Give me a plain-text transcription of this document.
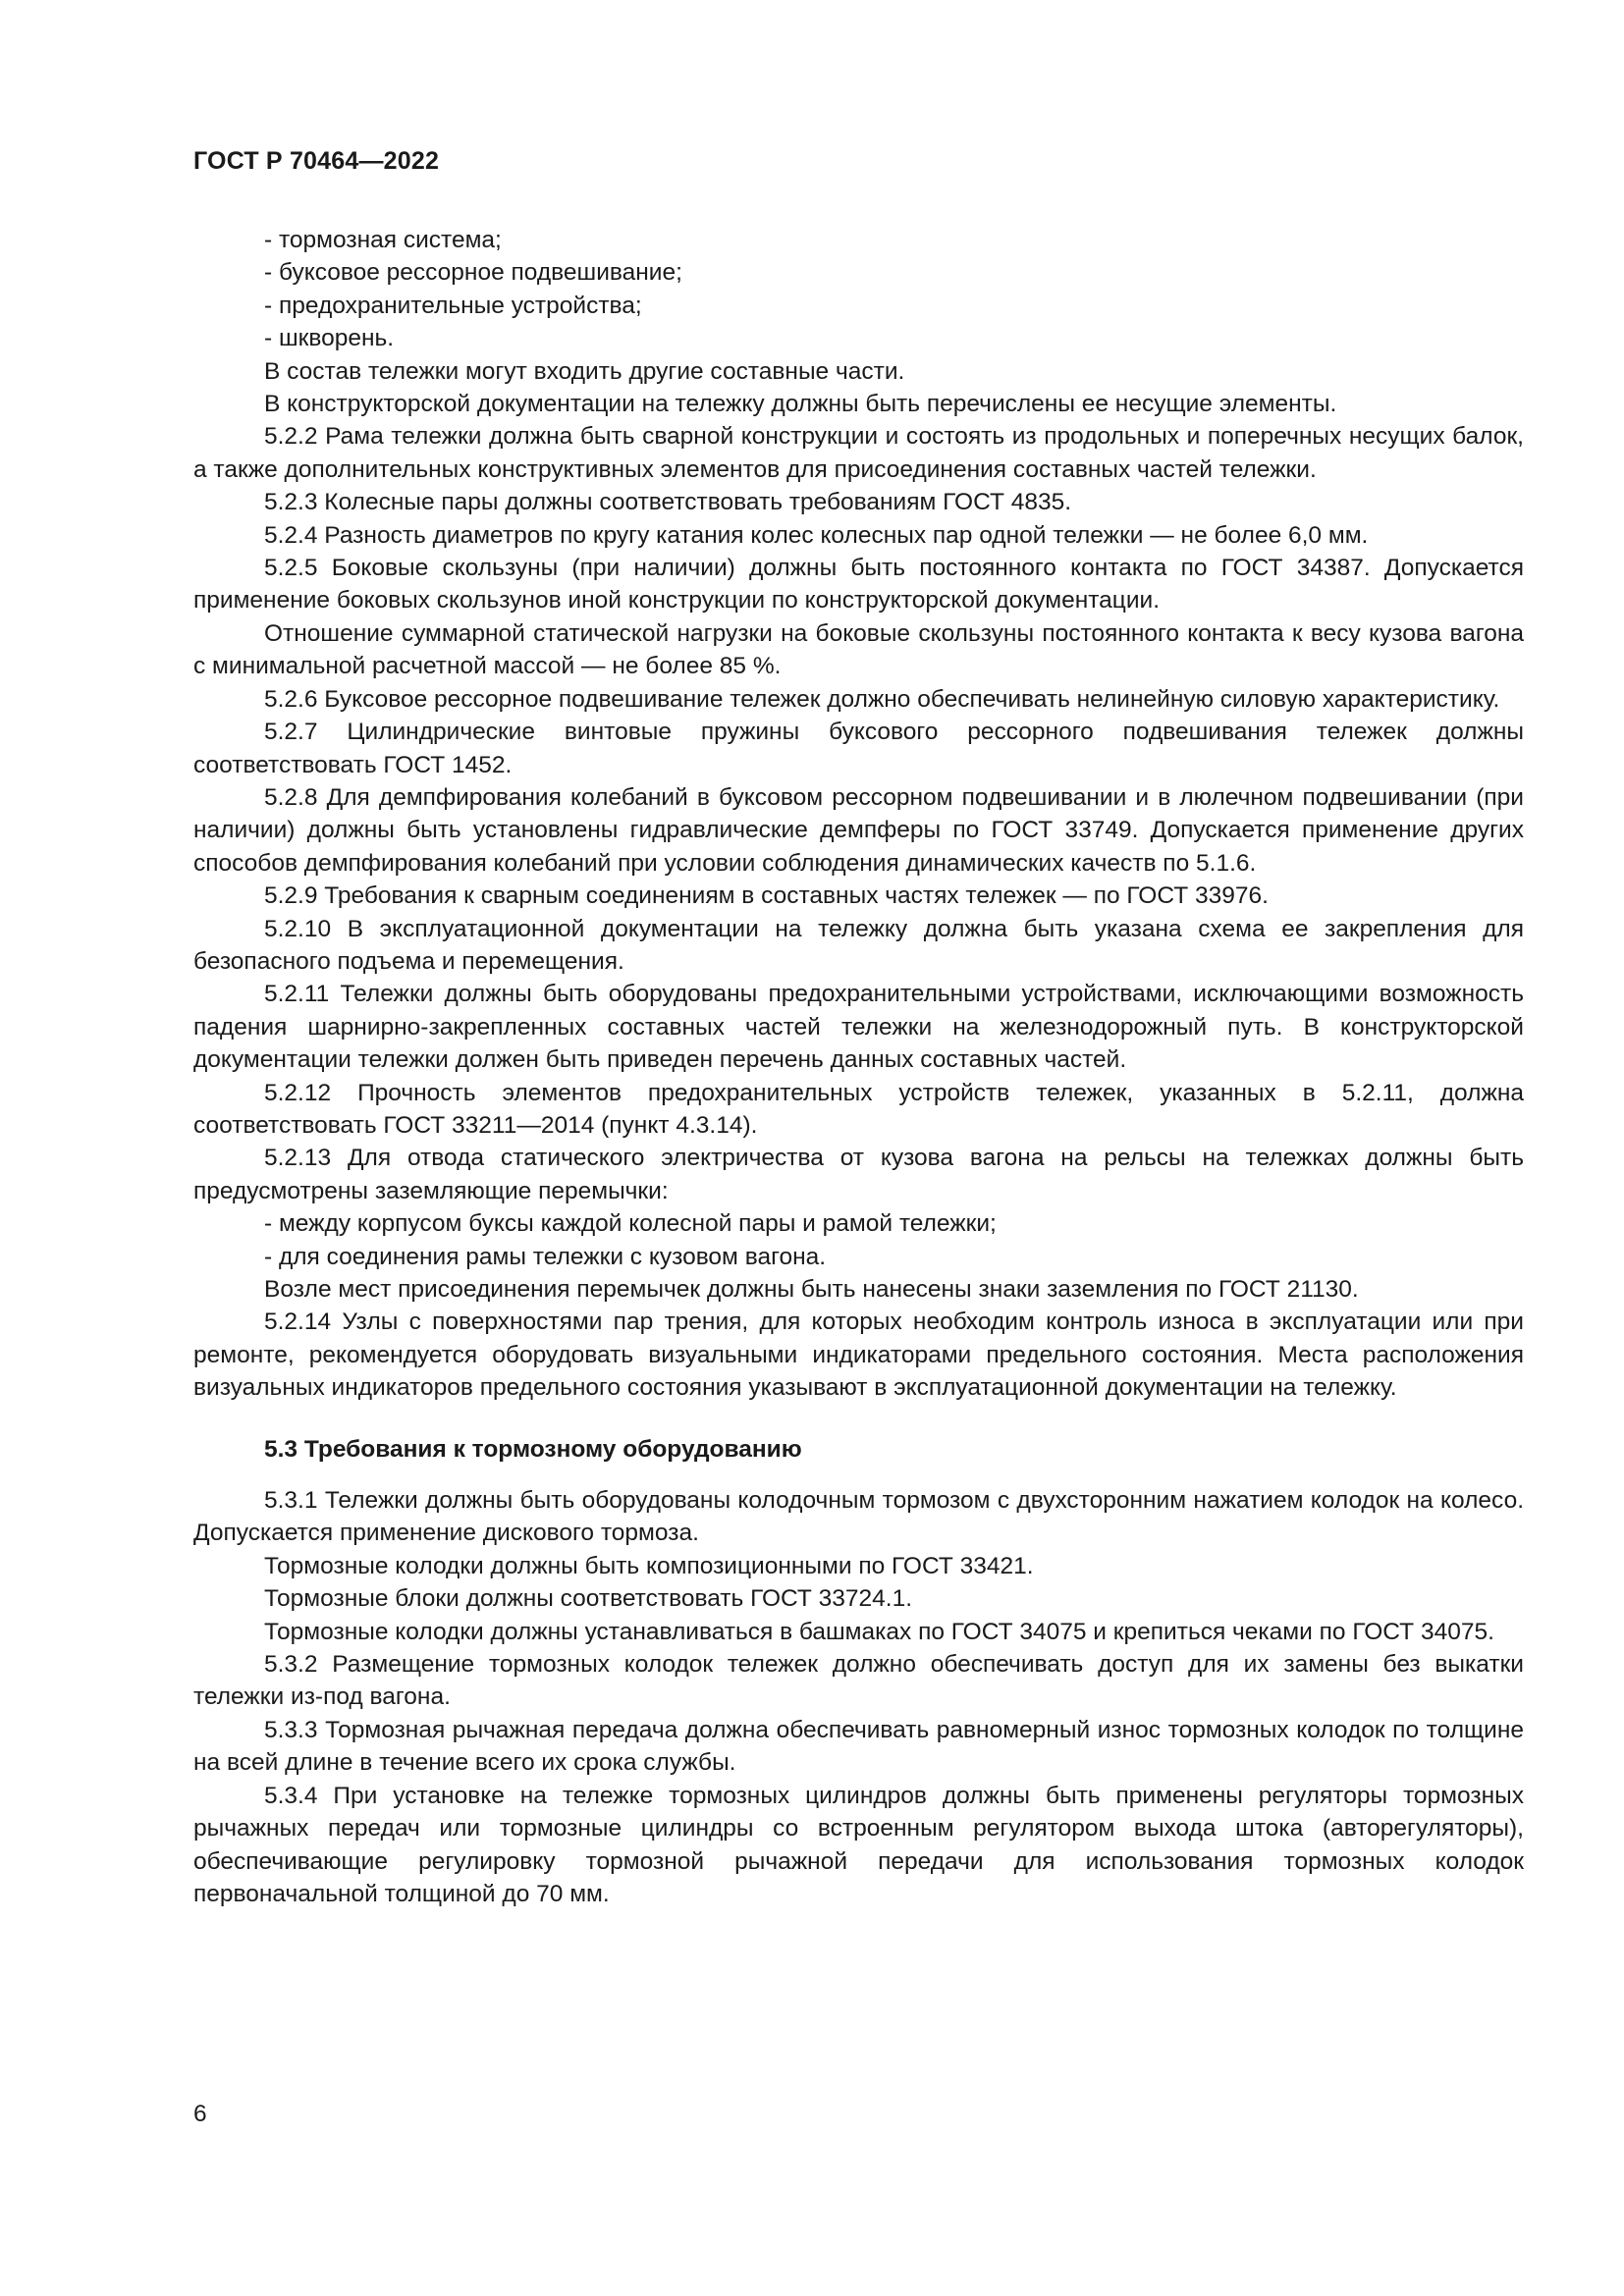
ГОСТ Р 70464—2022

- тормозная система;

- буксовое рессорное подвешивание;

- предохранительные устройства;

- шкворень.

В состав тележки могут входить другие составные части.

В конструкторской документации на тележку должны быть перечислены ее несущие элементы.

5.2.2 Рама тележки должна быть сварной конструкции и состоять из продольных и поперечных несущих балок, а также дополнительных конструктивных элементов для присоединения составных частей тележки.

5.2.3 Колесные пары должны соответствовать требованиям ГОСТ 4835.

5.2.4 Разность диаметров по кругу катания колес колесных пар одной тележки — не более 6,0 мм.

5.2.5 Боковые скользуны (при наличии) должны быть постоянного контакта по ГОСТ 34387. Допускается применение боковых скользунов иной конструкции по конструкторской документации.

Отношение суммарной статической нагрузки на боковые скользуны постоянного контакта к весу кузова вагона с минимальной расчетной массой — не более 85 %.

5.2.6 Буксовое рессорное подвешивание тележек должно обеспечивать нелинейную силовую характеристику.

5.2.7 Цилиндрические винтовые пружины буксового рессорного подвешивания тележек должны соответствовать ГОСТ 1452.

5.2.8 Для демпфирования колебаний в буксовом рессорном подвешивании и в люлечном подвешивании (при наличии) должны быть установлены гидравлические демпферы по ГОСТ 33749. Допускается применение других способов демпфирования колебаний при условии соблюдения динамических качеств по 5.1.6.

5.2.9 Требования к сварным соединениям в составных частях тележек — по ГОСТ 33976.

5.2.10 В эксплуатационной документации на тележку должна быть указана схема ее закрепления для безопасного подъема и перемещения.

5.2.11 Тележки должны быть оборудованы предохранительными устройствами, исключающими возможность падения шарнирно-закрепленных составных частей тележки на железнодорожный путь. В конструкторской документации тележки должен быть приведен перечень данных составных частей.

5.2.12 Прочность элементов предохранительных устройств тележек, указанных в 5.2.11, должна соответствовать ГОСТ 33211—2014 (пункт 4.3.14).

5.2.13 Для отвода статического электричества от кузова вагона на рельсы на тележках должны быть предусмотрены заземляющие перемычки:

- между корпусом буксы каждой колесной пары и рамой тележки;

- для соединения рамы тележки с кузовом вагона.

Возле мест присоединения перемычек должны быть нанесены знаки заземления по ГОСТ 21130.

5.2.14 Узлы с поверхностями пар трения, для которых необходим контроль износа в эксплуатации или при ремонте, рекомендуется оборудовать визуальными индикаторами предельного состояния. Места расположения визуальных индикаторов предельного состояния указывают в эксплуатационной документации на тележку.

5.3 Требования к тормозному оборудованию

5.3.1 Тележки должны быть оборудованы колодочным тормозом с двухсторонним нажатием колодок на колесо. Допускается применение дискового тормоза.

Тормозные колодки должны быть композиционными по ГОСТ 33421.

Тормозные блоки должны соответствовать ГОСТ 33724.1.

Тормозные колодки должны устанавливаться в башмаках по ГОСТ 34075 и крепиться чеками по ГОСТ 34075.

5.3.2 Размещение тормозных колодок тележек должно обеспечивать доступ для их замены без выкатки тележки из-под вагона.

5.3.3 Тормозная рычажная передача должна обеспечивать равномерный износ тормозных колодок по толщине на всей длине в течение всего их срока службы.

5.3.4 При установке на тележке тормозных цилиндров должны быть применены регуляторы тормозных рычажных передач или тормозные цилиндры со встроенным регулятором выхода штока (авторегуляторы), обеспечивающие регулировку тормозной рычажной передачи для использования тормозных колодок первоначальной толщиной до 70 мм.

6
